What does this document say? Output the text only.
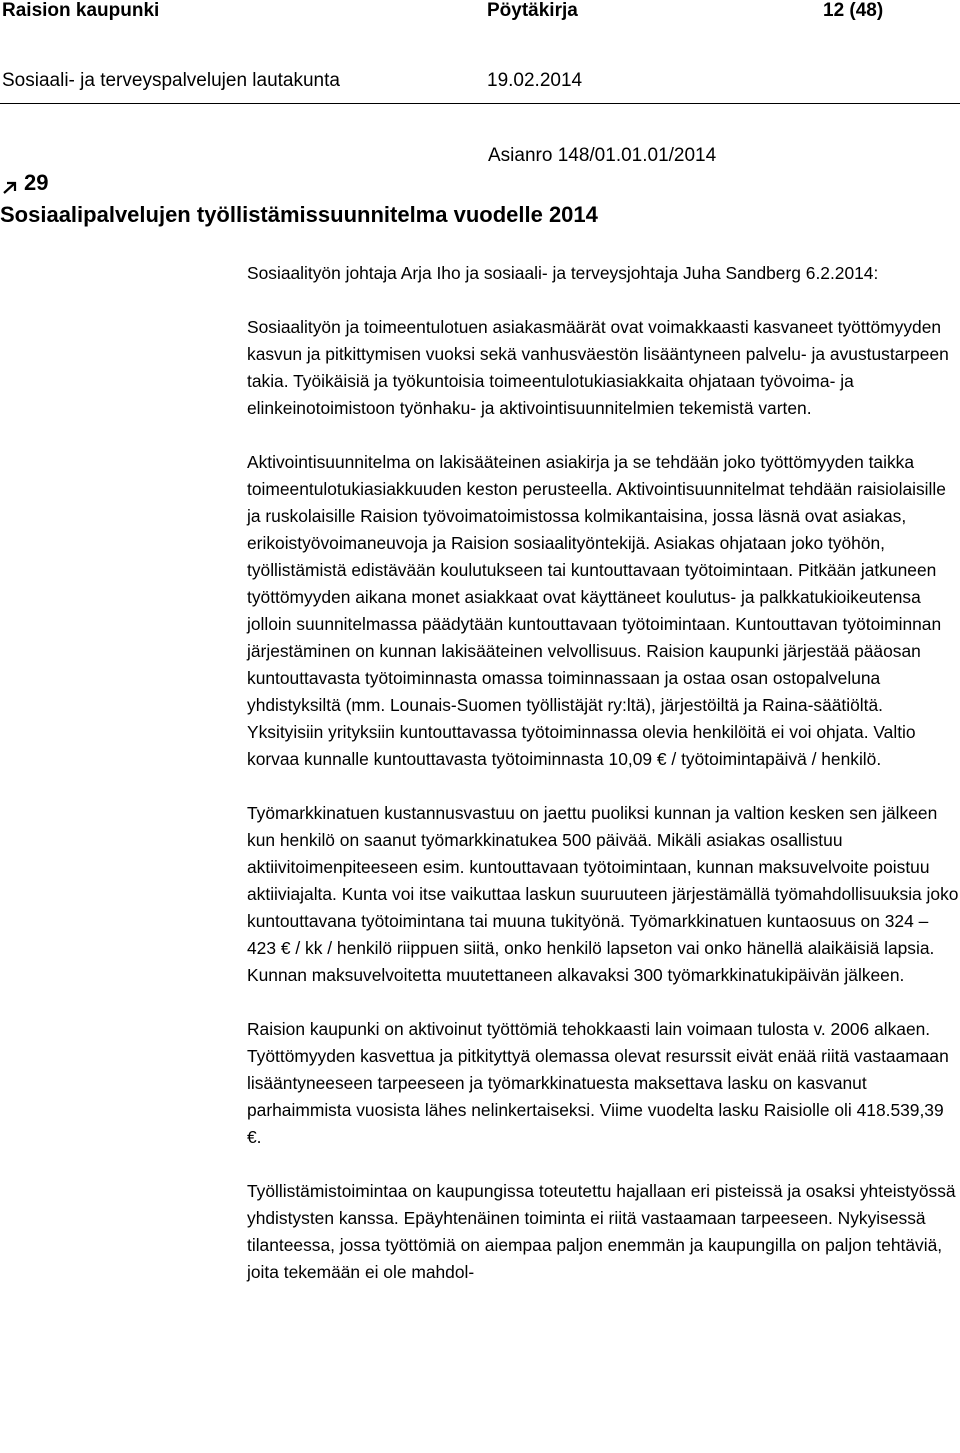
Raision kaupunki	Pöytäkirja	12 (48)
Sosiaali- ja terveyspalvelujen lautakunta	19.02.2014
Asianro 148/01.01.01/2014
29
Sosiaalipalvelujen työllistämissuunnitelma vuodelle 2014

Sosiaalityön johtaja Arja Iho ja sosiaali- ja terveysjohtaja Juha Sandberg 6.2.2014:

Sosiaalityön ja toimeentulotuen asiakasmäärät ovat voimakkaasti kasvaneet työttömyyden kasvun ja pitkittymisen vuoksi sekä vanhusväestön lisääntyneen palvelu- ja avustustarpeen takia. Työikäisiä ja työkuntoisia toimeentulotukiasiakkaita ohjataan työvoima- ja elinkeinotoimistoon työnhaku- ja aktivointisuunnitelmien tekemistä varten.

Aktivointisuunnitelma on lakisääteinen asiakirja ja se tehdään joko työttömyyden taikka toimeentulotukiasiakkuuden keston perusteella. Aktivointisuunnitelmat tehdään raisiolaisille ja ruskolaisille Raision työvoimatoimistossa kolmikantaisina, jossa läsnä ovat asiakas, erikoistyövoimaneuvoja ja Raision sosiaalityöntekijä. Asiakas ohjataan joko työhön, työllistämistä edistävään koulutukseen tai kuntouttavaan työtoimintaan. Pitkään jatkuneen työttömyyden aikana monet asiakkaat ovat käyttäneet koulutus- ja palkkatukioikeutensa jolloin suunnitelmassa päädytään kuntouttavaan työtoimintaan. Kuntouttavan työtoiminnan järjestäminen on kunnan lakisääteinen velvollisuus. Raision kaupunki järjestää pääosan kuntouttavasta työtoiminnasta omassa toiminnassaan ja ostaa osan ostopalveluna yhdistyksiltä (mm. Lounais-Suomen työllistäjät ry:ltä), järjestöiltä ja Raina-säätiöltä. Yksityisiin yrityksiin kuntouttavassa työtoiminnassa olevia henkilöitä ei voi ohjata. Valtio korvaa kunnalle kuntouttavasta työtoiminnasta 10,09 € / työtoimintapäivä / henkilö.

Työmarkkinatuen kustannusvastuu on jaettu puoliksi kunnan ja valtion kesken sen jälkeen kun henkilö on saanut työmarkkinatukea 500 päivää. Mikäli asiakas osallistuu aktiivitoimenpiteeseen esim. kuntouttavaan työtoimintaan, kunnan maksuvelvoite poistuu aktiiviajalta. Kunta voi itse vaikuttaa laskun suuruuteen järjestämällä työmahdollisuuksia joko kuntouttavana työtoimintana tai muuna tukityönä. Työmarkkinatuen kuntaosuus on 324 – 423 € / kk / henkilö riippuen siitä, onko henkilö lapseton vai onko hänellä alaikäisiä lapsia. Kunnan maksuvelvoitetta muutettaneen alkavaksi 300 työmarkkinatukipäivän jälkeen.

Raision kaupunki on aktivoinut työttömiä tehokkaasti lain voimaan tulosta v. 2006 alkaen. Työttömyyden kasvettua ja pitkityttyä olemassa olevat resurssit eivät enää riitä vastaamaan lisääntyneeseen tarpeeseen ja työmarkkinatuesta maksettava lasku on kasvanut parhaimmista vuosista lähes nelinkertaiseksi. Viime vuodelta lasku Raisiolle oli 418.539,39 €.

Työllistämistoimintaa on kaupungissa toteutettu hajallaan eri pisteissä ja osaksi yhteistyössä yhdistysten kanssa. Epäyhtenäinen toiminta ei riitä vastaamaan tarpeeseen. Nykyisessä tilanteessa, jossa työttömiä on aiempaa paljon enemmän ja kaupungilla on paljon tehtäviä, joita tekemään ei ole mahdol-
